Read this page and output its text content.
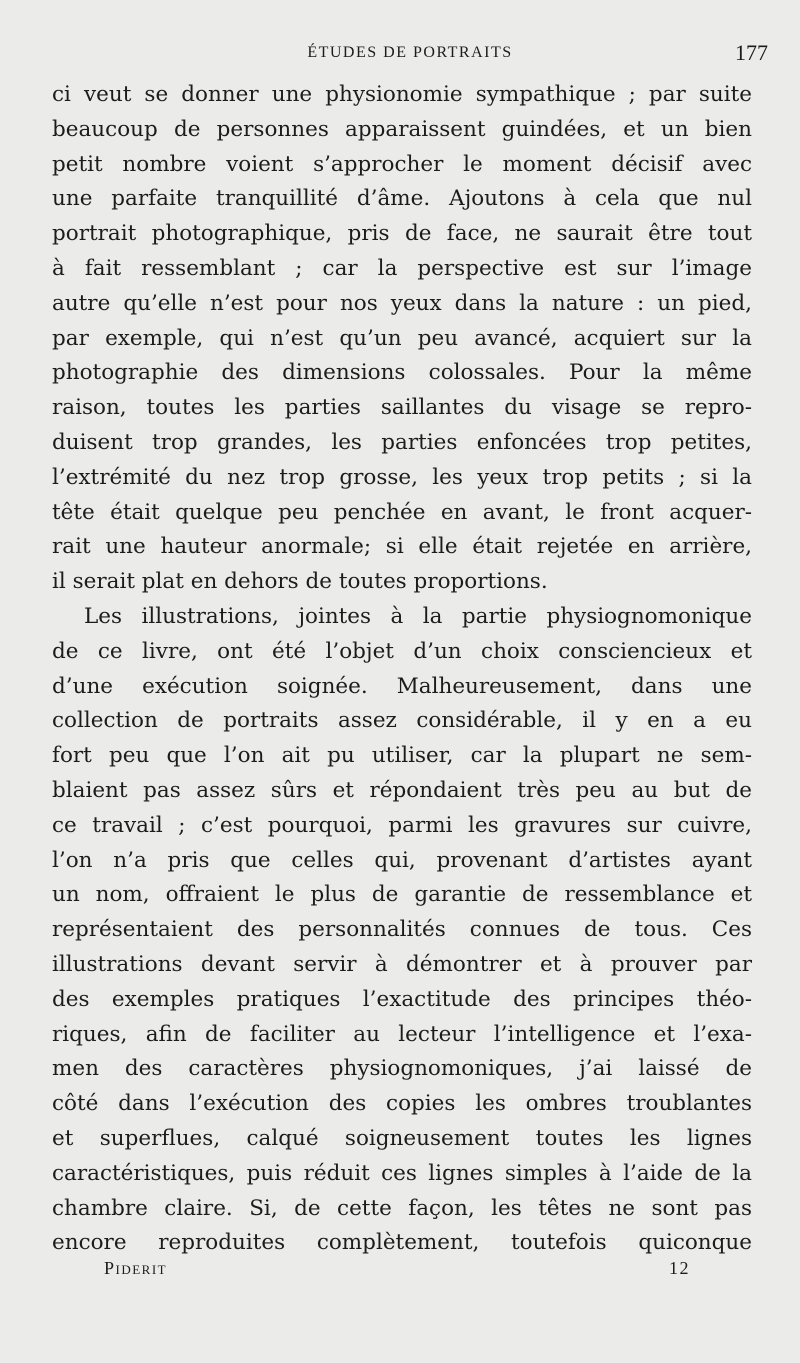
ÉTUDES DE PORTRAITS	177
ci veut se donner une physionomie sympathique ; par suite
beaucoup de personnes apparaissent guindées, et un bien
petit nombre voient s’approcher le moment décisif avec
une parfaite tranquillité d’âme. Ajoutons à cela que nul
portrait photographique, pris de face, ne saurait être tout
à fait ressemblant ; car la perspective est sur l’image
autre qu’elle n’est pour nos yeux dans la nature : un pied,
par exemple, qui n’est qu’un peu avancé, acquiert sur la
photographie des dimensions colossales. Pour la même
raison, toutes les parties saillantes du visage se repro-
duisent trop grandes, les parties enfoncées trop petites,
l’extrémité du nez trop grosse, les yeux trop petits ; si la
tête était quelque peu penchée en avant, le front acquer-
rait une hauteur anormale; si elle était rejetée en arrière,
il serait plat en dehors de toutes proportions.
Les illustrations, jointes à la partie physiognomonique
de ce livre, ont été l’objet d’un choix consciencieux et
d’une exécution soignée. Malheureusement, dans une
collection de portraits assez considérable, il y en a eu
fort peu que l’on ait pu utiliser, car la plupart ne sem-
blaient pas assez sûrs et répondaient très peu au but de
ce travail ; c’est pourquoi, parmi les gravures sur cuivre,
l’on n’a pris que celles qui, provenant d’artistes ayant
un nom, offraient le plus de garantie de ressemblance et
représentaient des personnalités connues de tous. Ces
illustrations devant servir à démontrer et à prouver par
des exemples pratiques l’exactitude des principes théo-
riques, afin de faciliter au lecteur l’intelligence et l’exa-
men des caractères physiognomoniques, j’ai laissé de
côté dans l’exécution des copies les ombres troublantes
et superflues, calqué soigneusement toutes les lignes
caractéristiques, puis réduit ces lignes simples à l’aide de la
chambre claire. Si, de cette façon, les têtes ne sont pas
encore reproduites complètement, toutefois quiconque
Piderit	12
